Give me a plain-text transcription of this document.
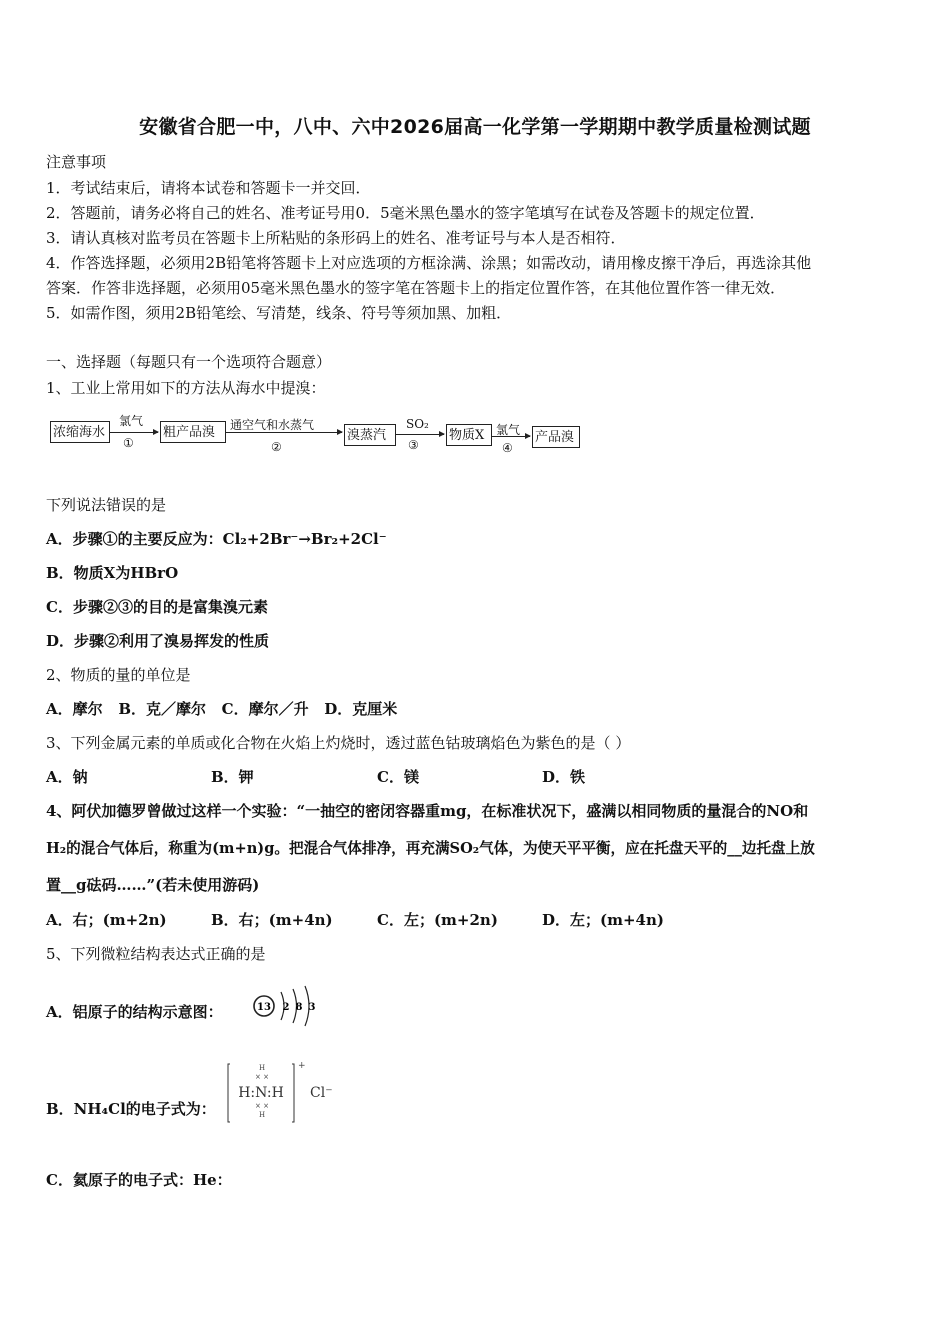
安徽省合肥一中，八中、六中2026届高一化学第一学期期中教学质量检测试题
注意事项
1．考试结束后，请将本试卷和答题卡一并交回．
2．答题前，请务必将自己的姓名、准考证号用0．5毫米黑色墨水的签字笔填写在试卷及答题卡的规定位置．
3．请认真核对监考员在答题卡上所粘贴的条形码上的姓名、准考证号与本人是否相符．
4．作答选择题，必须用2B铅笔将答题卡上对应选项的方框涂满、涂黑；如需改动，请用橡皮擦干净后，再选涂其他
答案．作答非选择题，必须用05毫米黑色墨水的签字笔在答题卡上的指定位置作答，在其他位置作答一律无效．
5．如需作图，须用2B铅笔绘、写清楚，线条、符号等须加黑、加粗．
一、选择题（每题只有一个选项符合题意）
1、工业上常用如下的方法从海水中提溴：
浓缩海水
氯气
①
粗产品溴	通空气和水蒸气
②
溴蒸汽
SO₂
③
物质X 氯气
④
产品溴
下列说法错误的是
A．步骤①的主要反应为：Cl₂+2Br⁻→Br₂+2Cl⁻
B．物质X为HBrO
C．步骤②③的目的是富集溴元素
D．步骤②利用了溴易挥发的性质
2、物质的量的单位是
A．摩尔 B．克／摩尔 C．摩尔／升 D．克厘米
3、下列金属元素的单质或化合物在火焰上灼烧时，透过蓝色钴玻璃焰色为紫色的是（ ）
A．钠	B．钾	C．镁	D．铁
4、阿伏加德罗曾做过这样一个实验：“一抽空的密闭容器重mg，在标准状况下，盛满以相同物质的量混合的NO和
H₂的混合气体后，称重为(m+n)g。把混合气体排净，再充满SO₂气体，为使天平平衡，应在托盘天平的__边托盘上放
置__g砝码……”(若未使用游码)
A．右；(m+2n)	B．右；(m+4n)	C．左；(m+2n)	D．左；(m+4n)
5、下列微粒结构表达式正确的是
A．铝原子的结构示意图：	13 2 8 3
B．NH₄Cl的电子式为：
H
× ×
H:N:H
× ×
H
+
Cl⁻
C．氦原子的电子式：He：
